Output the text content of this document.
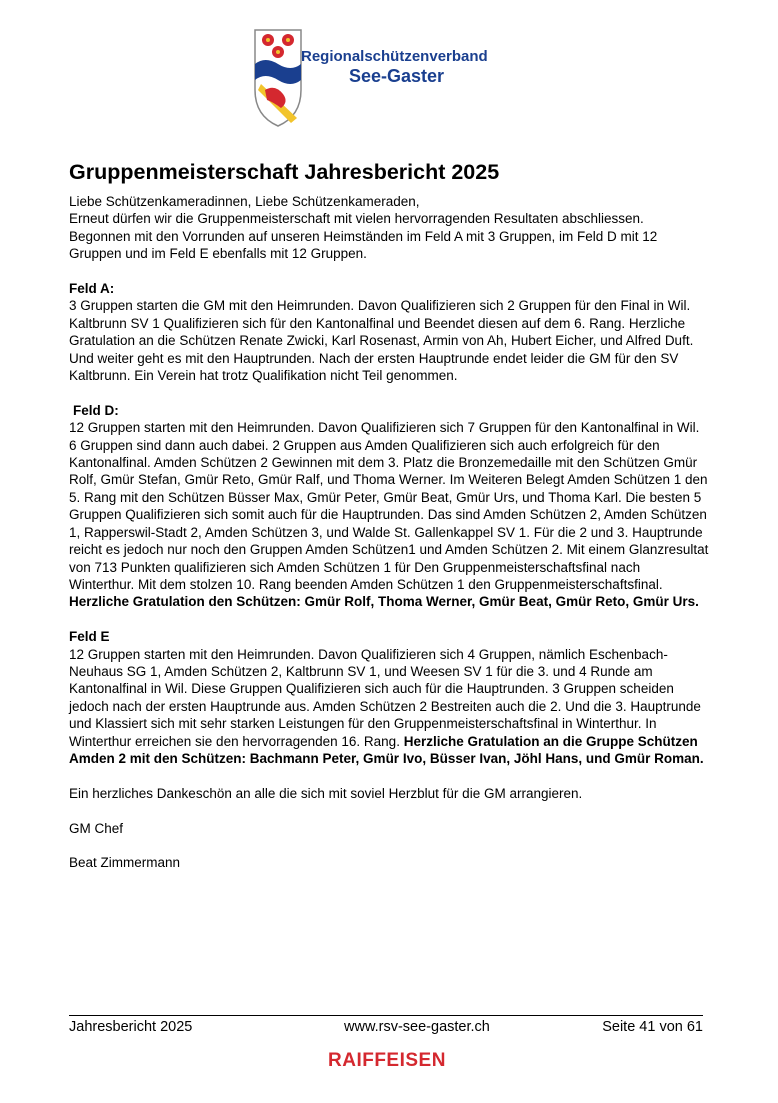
Regionalschützenverband
See-Gaster
Gruppenmeisterschaft Jahresbericht 2025

Liebe Schützenkameradinnen, Liebe Schützenkameraden,

Erneut dürfen wir die Gruppenmeisterschaft mit vielen hervorragenden Resultaten abschliessen. Begonnen mit den Vorrunden auf unseren Heimständen im Feld A mit 3 Gruppen, im Feld D mit 12 Gruppen und im Feld E ebenfalls mit 12 Gruppen.

Feld A:

3 Gruppen starten die GM mit den Heimrunden. Davon Qualifizieren sich 2 Gruppen für den Final in Wil. Kaltbrunn SV 1 Qualifizieren sich für den Kantonalfinal und Beendet diesen auf dem 6. Rang. Herzliche Gratulation an die Schützen Renate Zwicki, Karl Rosenast, Armin von Ah, Hubert Eicher, und Alfred Duft. Und weiter geht es mit den Hauptrunden. Nach der ersten Hauptrunde endet leider die GM für den SV Kaltbrunn. Ein Verein hat trotz Qualifikation nicht Teil genommen.

Feld D:

12 Gruppen starten mit den Heimrunden. Davon Qualifizieren sich 7 Gruppen für den Kantonalfinal in Wil. 6 Gruppen sind dann auch dabei. 2 Gruppen aus Amden Qualifizieren sich auch erfolgreich für den Kantonalfinal. Amden Schützen 2 Gewinnen mit dem 3. Platz die Bronzemedaille mit den Schützen Gmür Rolf, Gmür Stefan, Gmür Reto, Gmür Ralf, und Thoma Werner. Im Weiteren Belegt Amden Schützen 1 den 5. Rang mit den Schützen Büsser Max, Gmür Peter, Gmür Beat, Gmür Urs, und Thoma Karl. Die besten 5 Gruppen Qualifizieren sich somit auch für die Hauptrunden. Das sind Amden Schützen 2, Amden Schützen 1, Rapperswil-Stadt 2, Amden Schützen 3, und Walde St. Gallenkappel SV 1. Für die 2 und 3. Hauptrunde reicht es jedoch nur noch den Gruppen Amden Schützen1 und Amden Schützen 2. Mit einem Glanzresultat von 713 Punkten qualifizieren sich Amden Schützen 1 für Den Gruppenmeisterschaftsfinal nach Winterthur. Mit dem stolzen 10. Rang beenden Amden Schützen 1 den Gruppenmeisterschaftsfinal. Herzliche Gratulation den Schützen: Gmür Rolf, Thoma Werner, Gmür Beat, Gmür Reto, Gmür Urs.

Feld E

12 Gruppen starten mit den Heimrunden. Davon Qualifizieren sich 4 Gruppen, nämlich Eschenbach-Neuhaus SG 1, Amden Schützen 2, Kaltbrunn SV 1, und Weesen SV 1 für die 3. und 4 Runde am Kantonalfinal in Wil. Diese Gruppen Qualifizieren sich auch für die Hauptrunden. 3 Gruppen scheiden jedoch nach der ersten Hauptrunde aus. Amden Schützen 2 Bestreiten auch die 2. Und die 3. Hauptrunde und Klassiert sich mit sehr starken Leistungen für den Gruppenmeisterschaftsfinal in Winterthur. In Winterthur erreichen sie den hervorragenden 16. Rang. Herzliche Gratulation an die Gruppe Schützen Amden 2 mit den Schützen: Bachmann Peter, Gmür Ivo, Büsser Ivan, Jöhl Hans, und Gmür Roman.

Ein herzliches Dankeschön an alle die sich mit soviel Herzblut für die GM arrangieren.

GM Chef

Beat Zimmermann

Jahresbericht 2025	www.rsv-see-gaster.ch	Seite 41 von 61
RAIFFEISEN
